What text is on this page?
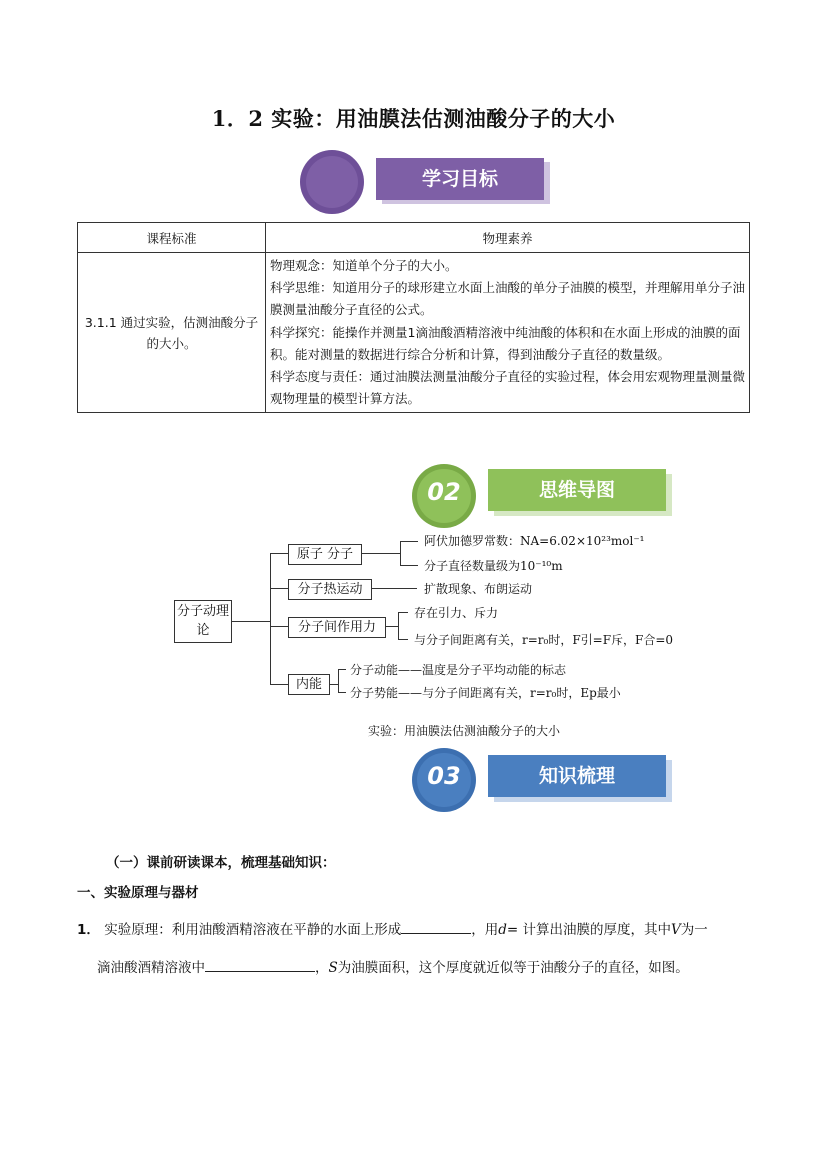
1．2 实验：用油膜法估测油酸分子的大小
学习目标
课程标准	物理素养
3.1.1 通过实验，估测油酸分子的大小。	物理观念：知道单个分子的大小。
科学思维：知道用分子的球形建立水面上油酸的单分子油膜的模型，并理解用单分子油膜测量油酸分子直径的公式。
科学探究：能操作并测量1滴油酸酒精溶液中纯油酸的体积和在水面上形成的油膜的面积。能对测量的数据进行综合分析和计算，得到油酸分子直径的数量级。
科学态度与责任：通过油膜法测量油酸分子直径的实验过程，体会用宏观物理量测量微观物理量的模型计算方法。
02	思维导图
分子动理论
原子 分子
阿伏加德罗常数：NA=6.02×10²³mol⁻¹
分子直径数量级为10⁻¹⁰m
分子热运动	扩散现象、布朗运动
分子间作用力
存在引力、斥力
与分子间距离有关，r=r₀时，F引=F斥，F合=0
内能
分子动能——温度是分子平均动能的标志
分子势能——与分子间距离有关，r=r₀时，Ep最小
实验：用油膜法估测油酸分子的大小
03	知识梳理
（一）课前研读课本，梳理基础知识：
一、实验原理与器材
1． 实验原理：利用油酸酒精溶液在平静的水面上形成	，用d= 计算出油膜的厚度，其中V为一
滴油酸酒精溶液中	，S为油膜面积，这个厚度就近似等于油酸分子的直径，如图。
